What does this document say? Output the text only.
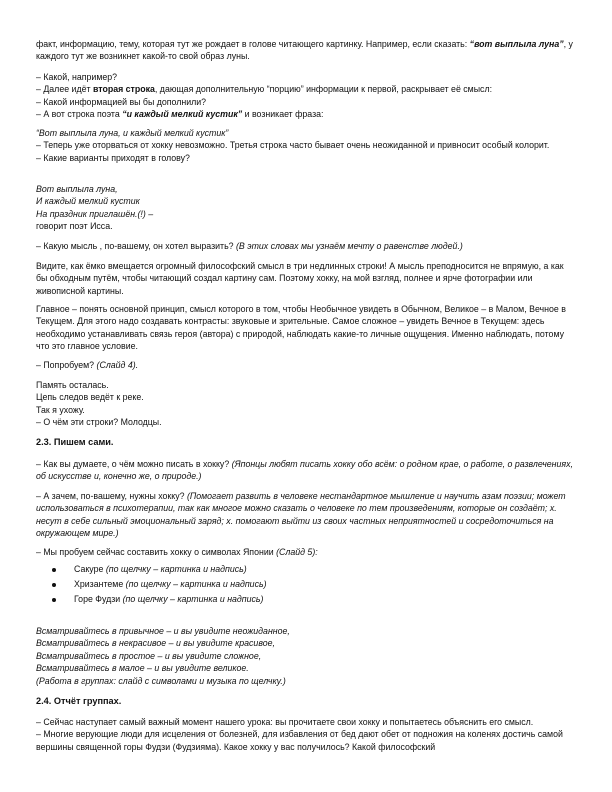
факт, информацию, тему, которая тут же рождает в голове читающего картинку. Например, если сказать: “вот выплыла луна”, у каждого тут же возникнет какой-то свой образ луны.

– Какой, например?

– Далее идёт вторая строка, дающая дополнительную “порцию” информации к первой, раскрывает её смысл:

– Какой информацией вы бы дополнили?

– А вот строка поэта “и каждый мелкий кустик” и возникает фраза:

“Вот выплыла луна, и каждый мелкий кустик”

– Теперь уже оторваться от хокку невозможно. Третья строка часто бывает очень неожиданной и привносит особый колорит.

– Какие варианты приходят в голову?

Вот выплыла луна,

И каждый мелкий кустик

На праздник приглашён.(!) –

говорит поэт Исса.

– Какую мысль , по-вашему, он хотел выразить? (В этих словах мы узнаём мечту о равенстве людей.)

Видите, как ёмко вмещается огромный философский смысл в три недлинных строки! А мысль преподносится не впрямую, а как бы обходным путём, чтобы читающий создал картину сам. Поэтому хокку, на мой взгляд, полнее и ярче фотографии или живописной картины.

Главное – понять основной принцип, смысл которого в том, чтобы Необычное увидеть в Обычном, Великое – в Малом, Вечное в Текущем. Для этого надо создавать контрасты: звуковые и зрительные. Самое сложное – увидеть Вечное в Текущем: здесь необходимо устанавливать связь героя (автора) с природой, наблюдать какие-то личные ощущения. Именно наблюдать, потому что это главное условие.

– Попробуем? (Слайд 4).

Память осталась.

Цепь следов ведёт к реке.

Так я ухожу.

– О чём эти строки? Молодцы.

2.3. Пишем сами.

– Как вы думаете, о чём можно писать в хокку? (Японцы любят писать хокку обо всём: о родном крае, о работе, о развлечениях, об искусстве и, конечно же, о природе.)

– А зачем, по-вашему, нужны хокку? (Помогает развить в человеке нестандартное мышление и научить азам поэзии; может использоваться в психотерапии, так как многое можно сказать о человеке по тем произведениям, которые он создаёт; х. несут в себе сильный эмоциональный заряд; х. помогают выйти из своих частных неприятностей и сосредоточиться на окружающем мире.)

– Мы пробуем сейчас составить хокку о символах Японии (Слайд 5):

Сакуре (по щелчку – картинка и надпись)
Хризантеме (по щелчку – картинка и надпись)
Горе Фудзи (по щелчку – картинка и надпись)

Всматривайтесь в привычное – и вы увидите неожиданное,

Всматривайтесь в некрасивое – и вы увидите красивое,

Всматривайтесь в простое – и вы увидите сложное,

Всматривайтесь в малое – и вы увидите великое.

(Работа в группах: слайд с символами и музыка по щелчку.)

2.4. Отчёт группах.

– Сейчас наступает самый важный момент нашего урока: вы прочитаете свои хокку и попытаетесь объяснить его смысл.

– Многие верующие люди для исцеления от болезней, для избавления от бед дают обет от подножия на коленях достичь самой вершины священной горы Фудзи (Фудзияма). Какое хокку у вас получилось? Какой философский
